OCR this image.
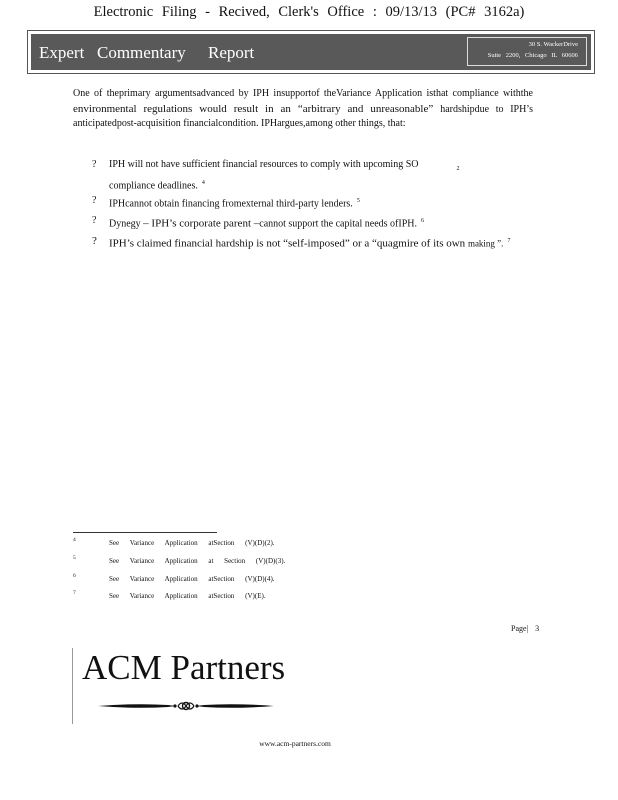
Electronic Filing - Recived, Clerk's Office : 09/13/13 (PC# 3162a)
Expert Commentary Report	30 S. WackerDrive
Suite 2200, Chicago IL 60606
One of theprimary argumentsadvanced by IPH insupportof theVariance Application isthat compliance withthe environmental regulations would result in an “arbitrary and unreasonable” hardshipdue to IPH’s anticipatedpost-acquisition financialcondition. IPHargues,among other things, that:
?	IPH will not have sufficient financial resources to comply with upcoming SO	$_2$
compliance deadlines. $^4$
?	IPHcannot obtain financing fromexternal third-party lenders. $^5$
?	Dynegy – IPH’s corporate parent –cannot support the capital needs ofIPH. $^6$
?	IPH’s claimed financial hardship is not “self-imposed” or a “quagmire of its own making ”. $^7$
4	See Variance Application atSection (V)(D)(2).
5	See Variance Application at Section (V)(D)(3).
6	See Variance Application atSection (V)(D)(4).
7	See Variance Application atSection (V)(E).
Page| 3
ACM Partners
www.acm-partners.com
